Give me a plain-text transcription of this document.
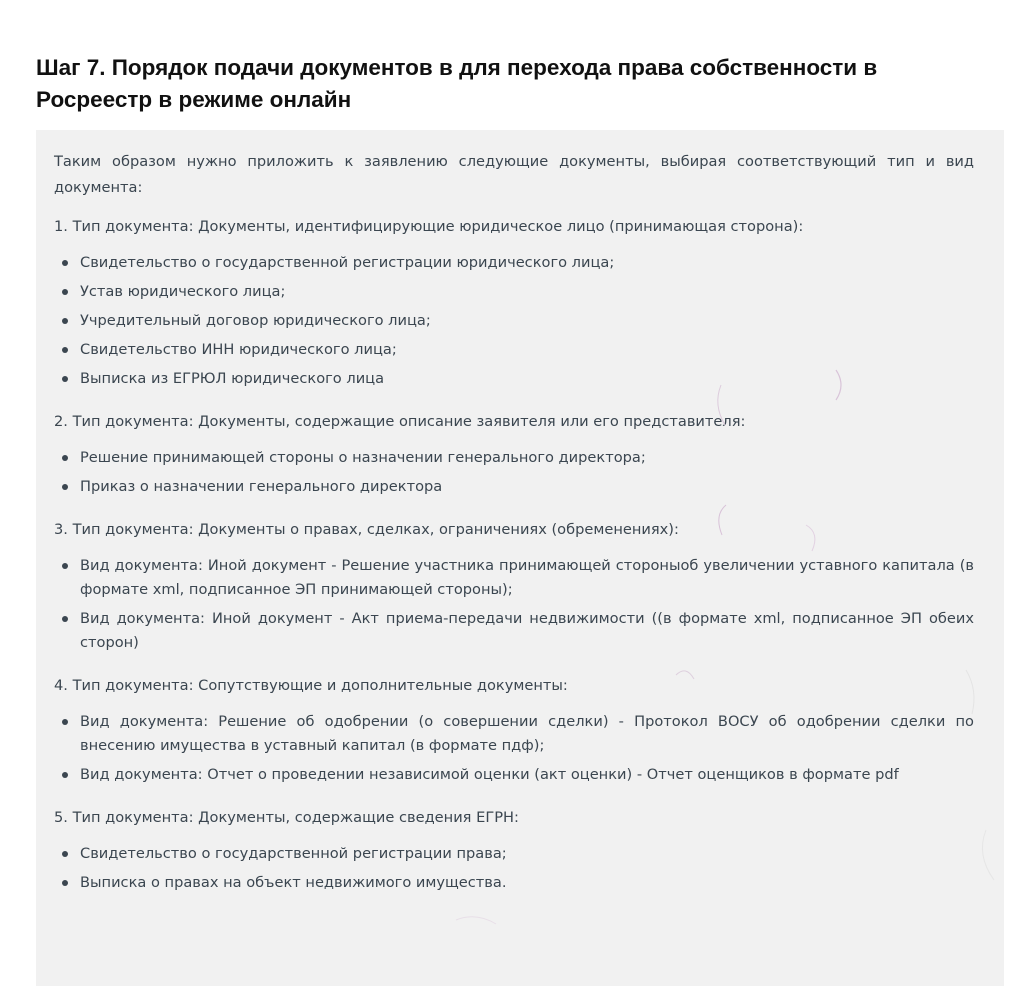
Шаг 7. Порядок подачи документов в для перехода права собственности в Росреестр в режиме онлайн

Таким образом нужно приложить к заявлению следующие документы, выбирая соответствующий тип и вид документа:

1. Тип документа: Документы, идентифицирующие юридическое лицо (принимающая сторона):

Свидетельство о государственной регистрации юридического лица;
Устав юридического лица;
Учредительный договор юридического лица;
Свидетельство ИНН юридического лица;
Выписка из ЕГРЮЛ юридического лица

2. Тип документа: Документы, содержащие описание заявителя или его представителя:

Решение принимающей стороны о назначении генерального директора;
Приказ о назначении генерального директора

3. Тип документа: Документы о правах, сделках, ограничениях (обременениях):

Вид документа: Иной документ - Решение участника принимающей стороныоб увеличении уставного капитала (в формате xml, подписанное ЭП принимающей стороны);
Вид документа: Иной документ - Акт приема-передачи недвижимости ((в формате xml, подписанное ЭП обеих сторон)

4. Тип документа: Сопутствующие и дополнительные документы:

Вид документа: Решение об одобрении (о совершении сделки) - Протокол ВОСУ об одобрении сделки по внесению имущества в уставный капитал (в формате пдф);
Вид документа: Отчет о проведении независимой оценки (акт оценки) - Отчет оценщиков в формате pdf

5. Тип документа: Документы, содержащие сведения ЕГРН:

Свидетельство о государственной регистрации права;
Выписка о правах на объект недвижимого имущества.
